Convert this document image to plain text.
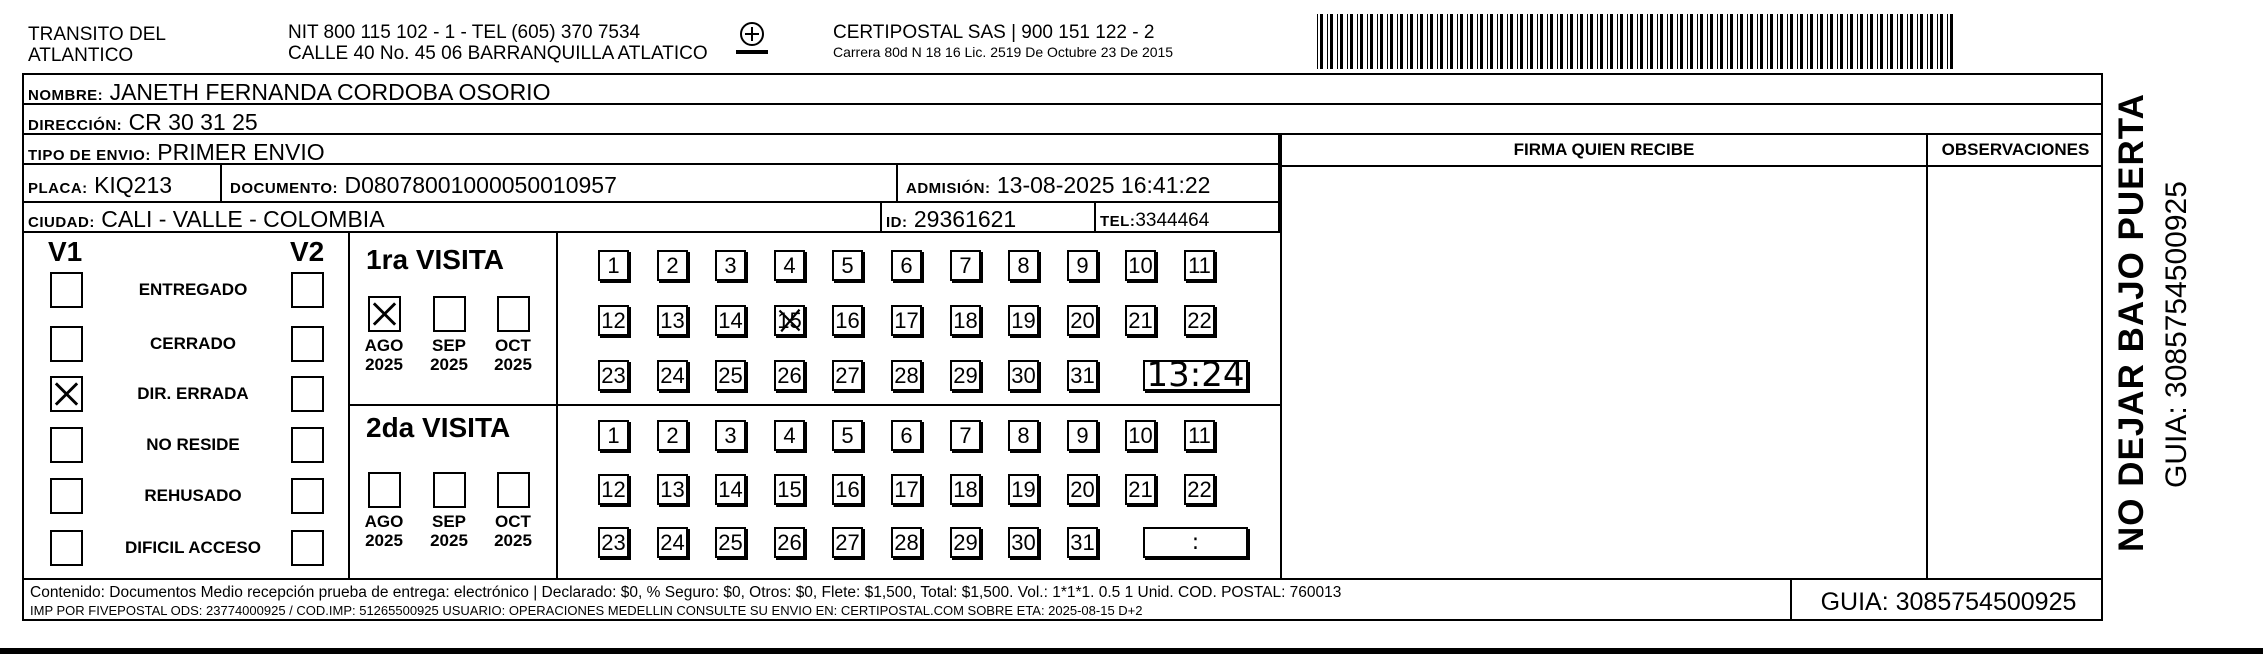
TRANSITO DEL
ATLANTICO
NIT 800 115 102 - 1 - TEL (605) 370 7534
CALLE 40 No. 45 06 BARRANQUILLA ATLATICO
CERTIPOSTAL SAS | 900 151 122 - 2
Carrera 80d N 18 16 Lic. 2519 De Octubre 23 De 2015
NOMBRE: JANETH FERNANDA CORDOBA OSORIO
DIRECCIÓN: CR 30 31 25
TIPO DE ENVIO: PRIMER ENVIO	FIRMA QUIEN RECIBE	OBSERVACIONES
PLACA: KIQ213	DOCUMENTO: D08078001000050010957	ADMISIÓN: 13-08-2025 16:41:22
CIUDAD: CALI - VALLE - COLOMBIA	ID: 29361621	TEL:3344464
V1	V2
ENTREGADO
CERRADO
DIR. ERRADA
NO RESIDE
REHUSADO
DIFICIL ACCESO
1ra VISITA
AGO
2025
SEP
2025
OCT
2025
1	2	3	4	5	6	7	8	9	10 11
12 13 14 15 16 17 18 19 20 21 22
23 24 25 26 27 28 29 30 31 13:24
2da VISITA
AGO
2025
SEP
2025
OCT
2025
1	2	3	4	5	6	7	8	9	10 11
12 13 14 15 16 17 18 19 20 21 22
23 24 25 26 27 28 29 30 31	:
Contenido: Documentos Medio recepción prueba de entrega: electrónico | Declarado: $0, % Seguro: $0, Otros: $0, Flete: $1,500, Total: $1,500. Vol.: 1*1*1. 0.5 1 Unid. COD. POSTAL: 760013
IMP POR FIVEPOSTAL ODS: 23774000925 / COD.IMP: 51265500925 USUARIO: OPERACIONES MEDELLIN CONSULTE SU ENVIO EN: CERTIPOSTAL.COM SOBRE ETA: 2025-08-15 D+2	GUIA: 3085754500925
NO DEJAR BAJO PUERTA GUIA: 3085754500925
